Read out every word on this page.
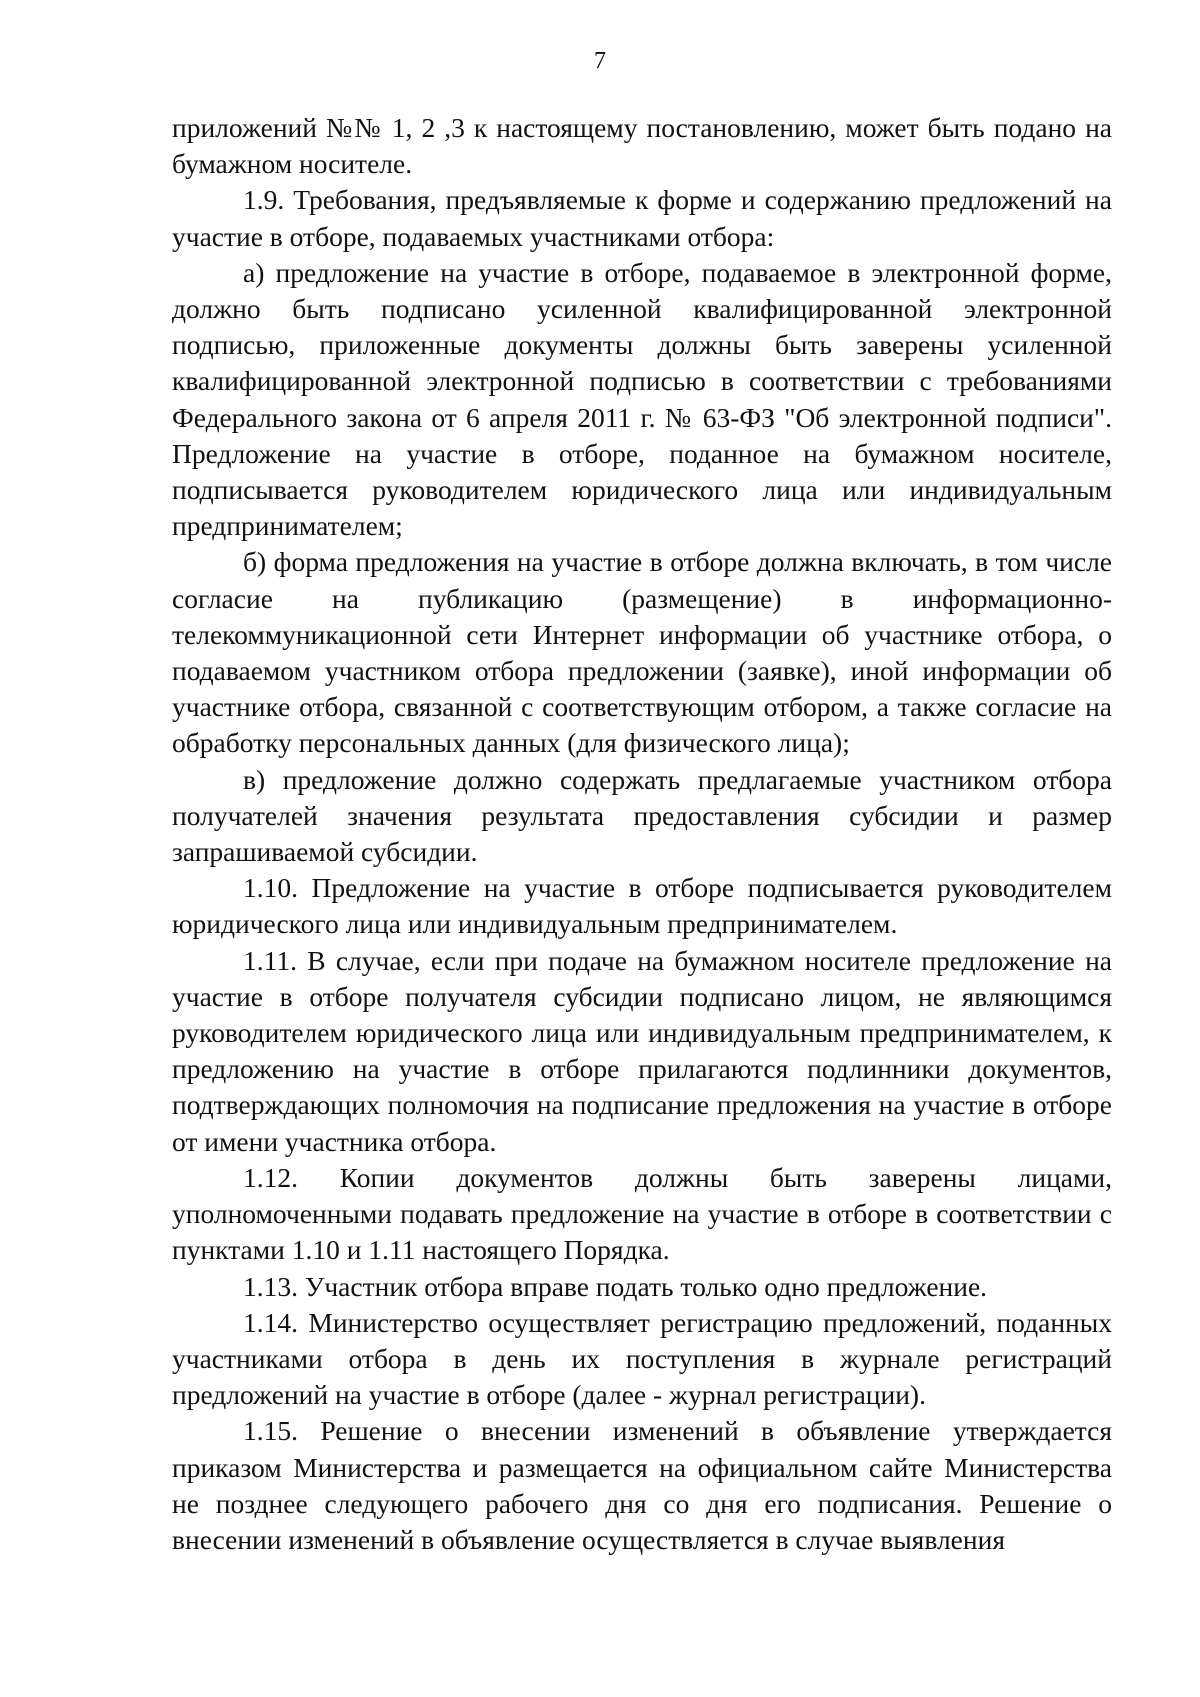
7

приложений №№ 1, 2 ,3 к настоящему постановлению, может быть подано на бумажном носителе.

1.9. Требования, предъявляемые к форме и содержанию предложений на участие в отборе, подаваемых участниками отбора:

а) предложение на участие в отборе, подаваемое в электронной форме, должно быть подписано усиленной квалифицированной электронной подписью, приложенные документы должны быть заверены усиленной квалифицированной электронной подписью в соответствии с требованиями Федерального закона от 6 апреля 2011 г. № 63-ФЗ "Об электронной подписи". Предложение на участие в отборе, поданное на бумажном носителе, подписывается руководителем юридического лица или индивидуальным предпринимателем;

б) форма предложения на участие в отборе должна включать, в том числе согласие на публикацию (размещение) в информационно-телекоммуникационной сети Интернет информации об участнике отбора, о подаваемом участником отбора предложении (заявке), иной информации об участнике отбора, связанной с соответствующим отбором, а также согласие на обработку персональных данных (для физического лица);

в) предложение должно содержать предлагаемые участником отбора получателей значения результата предоставления субсидии и размер запрашиваемой субсидии.

1.10. Предложение на участие в отборе подписывается руководителем юридического лица или индивидуальным предпринимателем.

1.11. В случае, если при подаче на бумажном носителе предложение на участие в отборе получателя субсидии подписано лицом, не являющимся руководителем юридического лица или индивидуальным предпринимателем, к предложению на участие в отборе прилагаются подлинники документов, подтверждающих полномочия на подписание предложения на участие в отборе от имени участника отбора.

1.12. Копии документов должны быть заверены лицами, уполномоченными подавать предложение на участие в отборе в соответствии с пунктами 1.10 и 1.11 настоящего Порядка.

1.13. Участник отбора вправе подать только одно предложение.

1.14. Министерство осуществляет регистрацию предложений, поданных участниками отбора в день их поступления в журнале регистраций предложений на участие в отборе (далее - журнал регистрации).

1.15. Решение о внесении изменений в объявление утверждается приказом Министерства и размещается на официальном сайте Министерства не позднее следующего рабочего дня со дня его подписания. Решение о внесении изменений в объявление осуществляется в случае выявления
